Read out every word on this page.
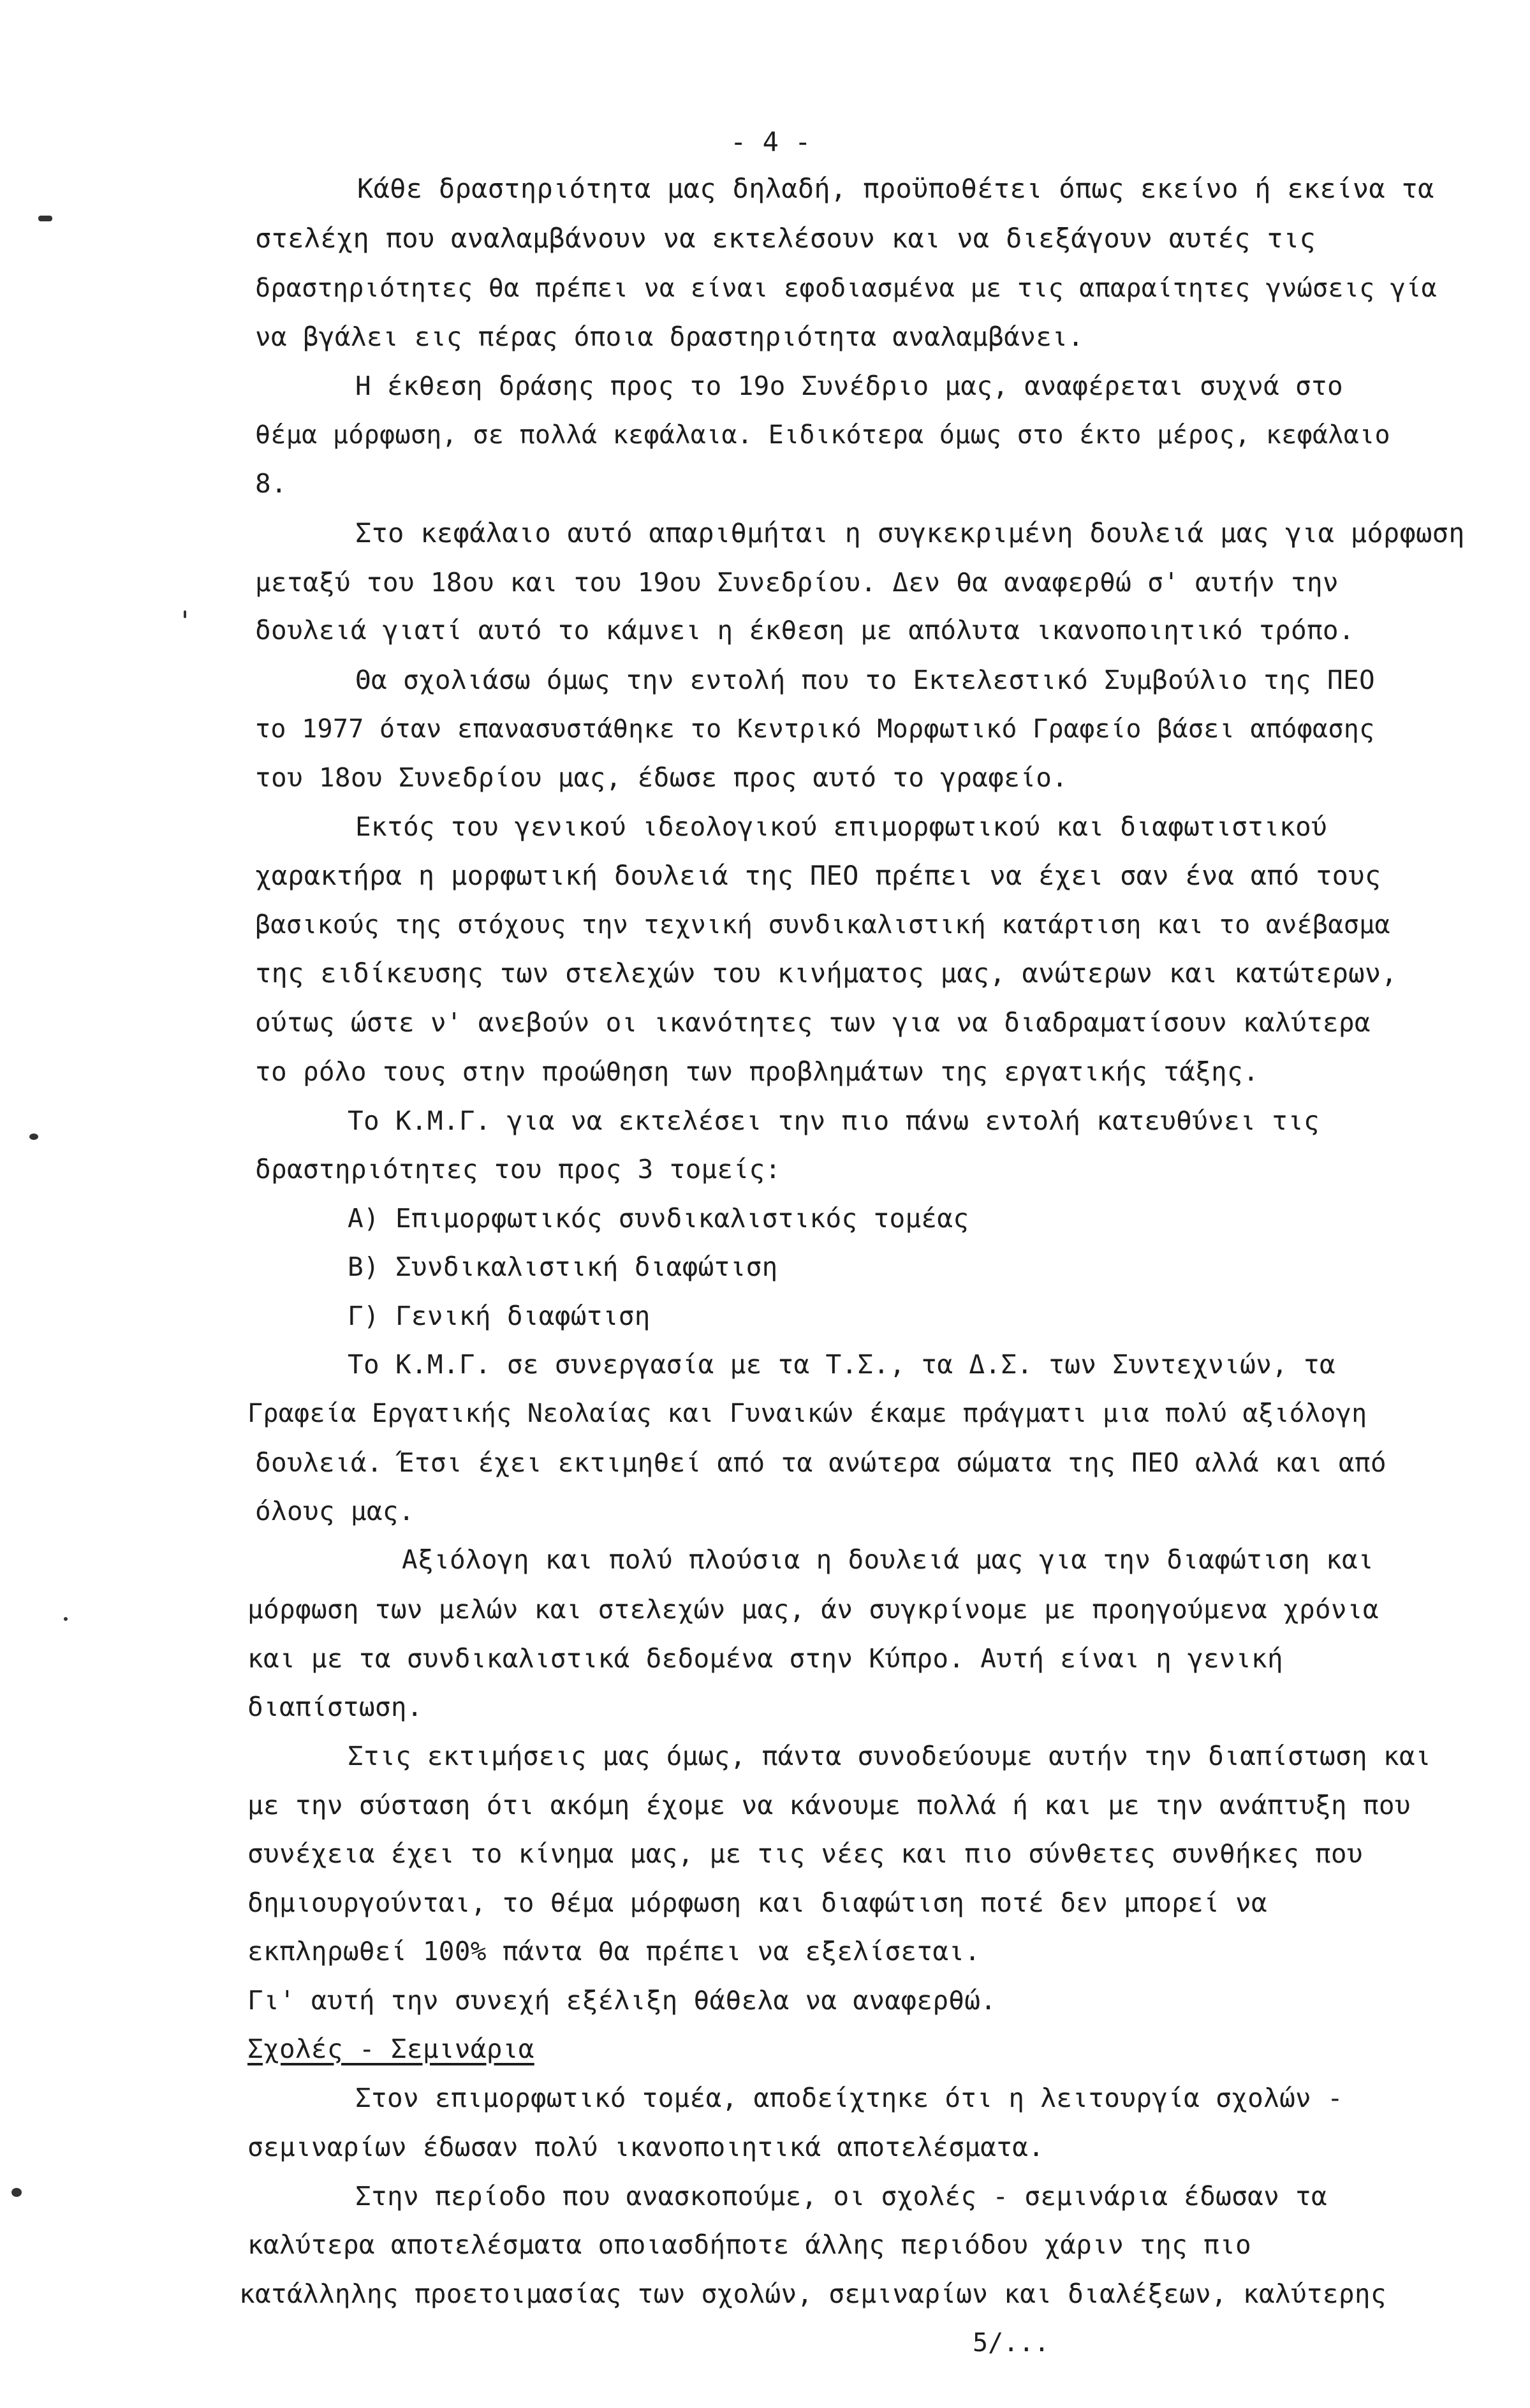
- 4 -
Κάθε δραστηριότητα μας δηλαδή, προϋποθέτει όπως εκείνο ή εκείνα τα
στελέχη που αναλαμβάνουν να εκτελέσουν και να διεξάγουν αυτές τις
δραστηριότητες θα πρέπει να είναι εφοδιασμένα με τις απαραίτητες γνώσεις γία
να βγάλει εις πέρας όποια δραστηριότητα αναλαμβάνει.
Η έκθεση δράσης προς το 19ο Συνέδριο μας, αναφέρεται συχνά στο
θέμα μόρφωση, σε πολλά κεφάλαια. Ειδικότερα όμως στο έκτο μέρος, κεφάλαιο
8.
Στο κεφάλαιο αυτό απαριθμήται η συγκεκριμένη δουλειά μας για μόρφωση
μεταξύ του 18ου και του 19ου Συνεδρίου. Δεν θα αναφερθώ σ' αυτήν την
δουλειά γιατί αυτό το κάμνει η έκθεση με απόλυτα ικανοποιητικό τρόπο.
Θα σχολιάσω όμως την εντολή που το Εκτελεστικό Συμβούλιο της ΠΕΟ
το 1977 όταν επανασυστάθηκε το Κεντρικό Μορφωτικό Γραφείο βάσει απόφασης
του 18ου Συνεδρίου μας, έδωσε προς αυτό το γραφείο.
Εκτός του γενικού ιδεολογικού επιμορφωτικού και διαφωτιστικού
χαρακτήρα η μορφωτική δουλειά της ΠΕΟ πρέπει να έχει σαν ένα από τους
βασικούς της στόχους την τεχνική συνδικαλιστική κατάρτιση και το ανέβασμα
της ειδίκευσης των στελεχών του κινήματος μας, ανώτερων και κατώτερων,
ούτως ώστε ν' ανεβούν οι ικανότητες των για να διαδραματίσουν καλύτερα
το ρόλο τους στην προώθηση των προβλημάτων της εργατικής τάξης.
Το Κ.Μ.Γ. για να εκτελέσει την πιο πάνω εντολή κατευθύνει τις
δραστηριότητες του προς 3 τομείς:
Α) Επιμορφωτικός συνδικαλιστικός τομέας
Β) Συνδικαλιστική διαφώτιση
Γ) Γενική διαφώτιση
Το Κ.Μ.Γ. σε συνεργασία με τα Τ.Σ., τα Δ.Σ. των Συντεχνιών, τα
Γραφεία Εργατικής Νεολαίας και Γυναικών έκαμε πράγματι μια πολύ αξιόλογη
δουλειά. Έτσι έχει εκτιμηθεί από τα ανώτερα σώματα της ΠΕΟ αλλά και από
όλους μας.
Αξιόλογη και πολύ πλούσια η δουλειά μας για την διαφώτιση και
μόρφωση των μελών και στελεχών μας, άν συγκρίνομε με προηγούμενα χρόνια
και με τα συνδικαλιστικά δεδομένα στην Κύπρο. Αυτή είναι η γενική
διαπίστωση.
Στις εκτιμήσεις μας όμως, πάντα συνοδεύουμε αυτήν την διαπίστωση και
με την σύσταση ότι ακόμη έχομε να κάνουμε πολλά ή και με την ανάπτυξη που
συνέχεια έχει το κίνημα μας, με τις νέες και πιο σύνθετες συνθήκες που
δημιουργούνται, το θέμα μόρφωση και διαφώτιση ποτέ δεν μπορεί να
εκπληρωθεί 100% πάντα θα πρέπει να εξελίσεται.
Γι' αυτή την συνεχή εξέλιξη θάθελα να αναφερθώ.
Σχολές - Σεμινάρια
Στον επιμορφωτικό τομέα, αποδείχτηκε ότι η λειτουργία σχολών -
σεμιναρίων έδωσαν πολύ ικανοποιητικά αποτελέσματα.
Στην περίοδο που ανασκοπούμε, οι σχολές - σεμινάρια έδωσαν τα
καλύτερα αποτελέσματα οποιασδήποτε άλλης περιόδου χάριν της πιο
κατάλληλης προετοιμασίας των σχολών, σεμιναρίων και διαλέξεων, καλύτερης
5/...
